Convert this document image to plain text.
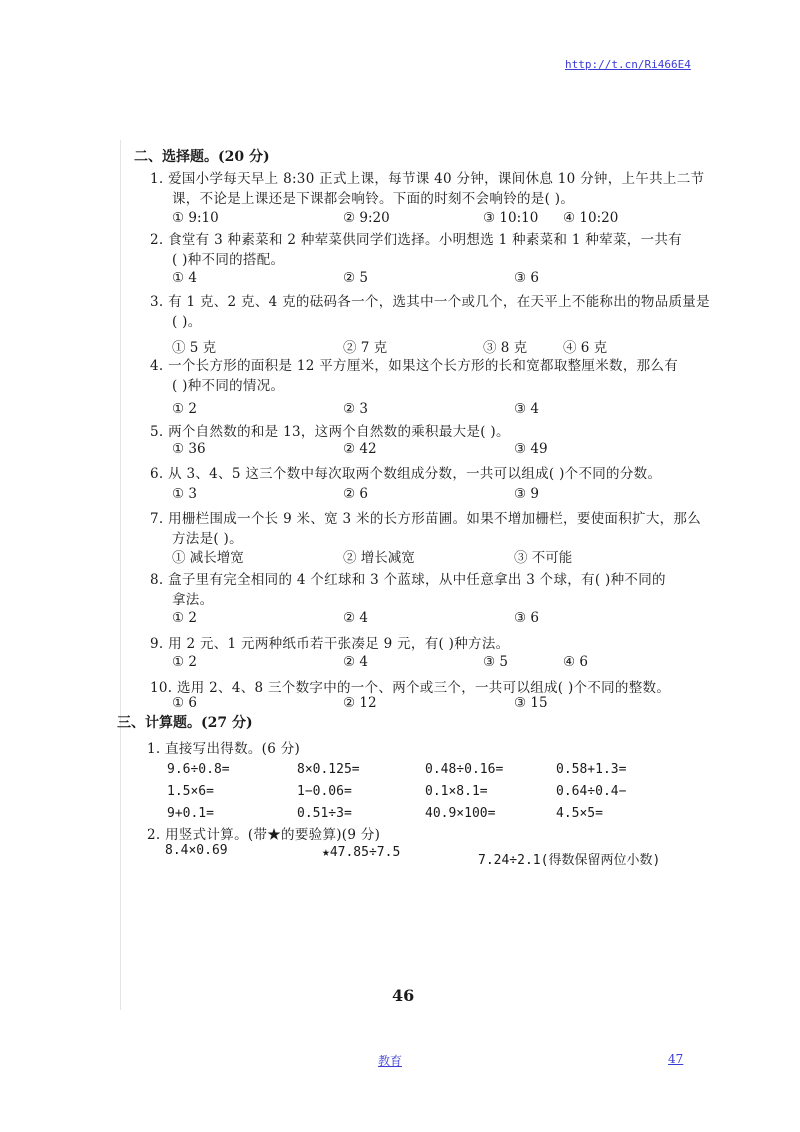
http://t.cn/Ri466E4
二、选择题。(20 分)
1. 爱国小学每天早上 8:30 正式上课，每节课 40 分钟，课间休息 10 分钟，上午共上二节
课，不论是上课还是下课都会响铃。下面的时刻不会响铃的是( )。
① 9:10	② 9:20	③ 10:10 ④ 10:20
2. 食堂有 3 种素菜和 2 种荤菜供同学们选择。小明想选 1 种素菜和 1 种荤菜，一共有
( )种不同的搭配。
① 4	② 5	③ 6
3. 有 1 克、2 克、4 克的砝码各一个，选其中一个或几个，在天平上不能称出的物品质量是
( )。
① 5 克	② 7 克	③ 8 克	④ 6 克
4. 一个长方形的面积是 12 平方厘米，如果这个长方形的长和宽都取整厘米数，那么有
( )种不同的情况。
① 2	② 3	③ 4
5. 两个自然数的和是 13，这两个自然数的乘积最大是( )。
① 36	② 42	③ 49
6. 从 3、4、5 这三个数中每次取两个数组成分数，一共可以组成( )个不同的分数。
① 3	② 6	③ 9
7. 用栅栏围成一个长 9 米、宽 3 米的长方形苗圃。如果不增加栅栏，要使面积扩大，那么
方法是( )。
① 减长增宽	② 增长减宽	③ 不可能
8. 盒子里有完全相同的 4 个红球和 3 个蓝球，从中任意拿出 3 个球，有( )种不同的
拿法。
① 2	② 4	③ 6
9. 用 2 元、1 元两种纸币若干张凑足 9 元，有( )种方法。
① 2	② 4	③ 5	④ 6
10. 选用 2、4、8 三个数字中的一个、两个或三个，一共可以组成( )个不同的整数。
① 6	② 12	③ 15
三、计算题。(27 分)
1. 直接写出得数。(6 分)
9.6÷0.8=	8×0.125=	0.48÷0.16=	0.58+1.3=
1.5×6=	1−0.06=	0.1×8.1=	0.64÷0.4−
9+0.1=	0.51÷3=	40.9×100=	4.5×5=
2. 用竖式计算。(带★的要验算)(9 分)
8.4×0.69	★47.85÷7.5
7.24÷2.1(得数保留两位小数)
46
教育	47
